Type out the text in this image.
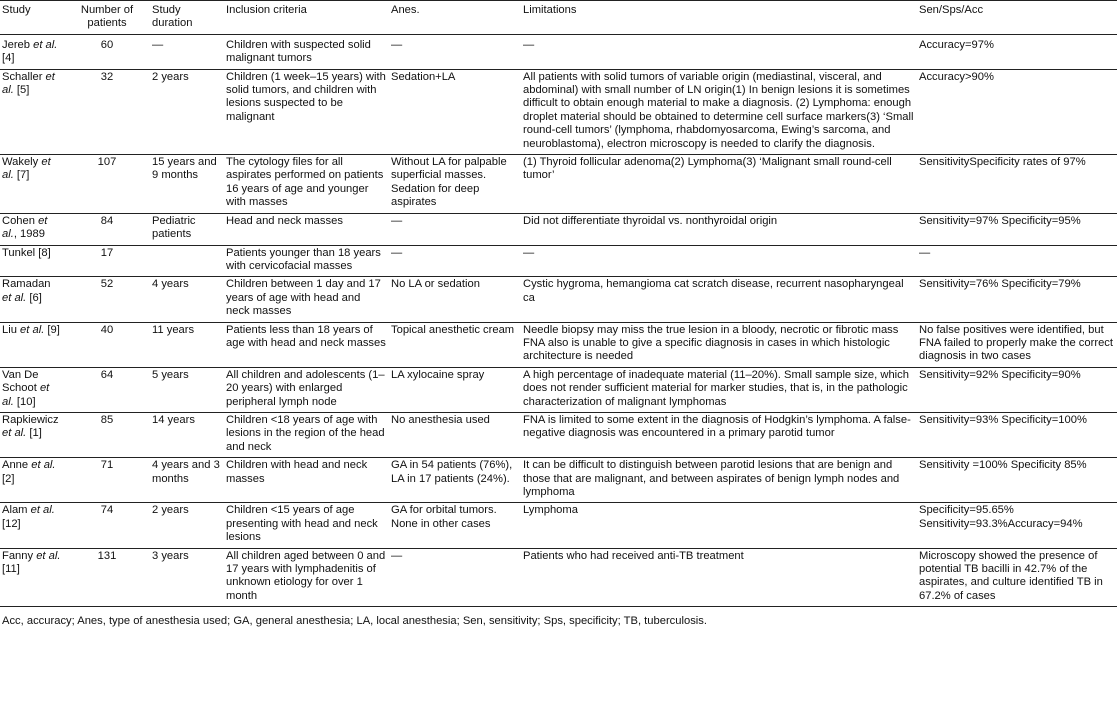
Study	Number of patients	Study duration	Inclusion criteria	Anes.	Limitations	Sen/Sps/Acc
Jereb et al. [4]	60	—	Children with suspected solid malignant tumors	—	—	Accuracy=97%
Schaller et al. [5]	32	2 years	Children (1 week–15 years) with solid tumors, and children with lesions suspected to be malignant	Sedation+LA	All patients with solid tumors of variable origin (mediastinal, visceral, and abdominal) with small number of LN origin(1) In benign lesions it is sometimes difficult to obtain enough material to make a diagnosis. (2) Lymphoma: enough droplet material should be obtained to determine cell surface markers(3) ‘Small round-cell tumors’ (lymphoma, rhabdomyosarcoma, Ewing’s sarcoma, and neuroblastoma), electron microscopy is needed to clarify the diagnosis.	Accuracy>90%
Wakely et al. [7]	107	15 years and 9 months	The cytology files for all aspirates performed on patients 16 years of age and younger with masses	Without LA for palpable superficial masses. Sedation for deep aspirates	(1) Thyroid follicular adenoma(2) Lymphoma(3) ‘Malignant small round-cell tumor’	SensitivitySpecificity rates of 97%
Cohen et al., 1989	84	Pediatric patients	Head and neck masses	—	Did not differentiate thyroidal vs. nonthyroidal origin	Sensitivity=97% Specificity=95%
Tunkel [8]	17		Patients younger than 18 years with cervicofacial masses	—	—	—
Ramadan et al. [6]	52	4 years	Children between 1 day and 17 years of age with head and neck masses	No LA or sedation	Cystic hygroma, hemangioma cat scratch disease, recurrent nasopharyngeal ca	Sensitivity=76% Specificity=79%
Liu et al. [9]	40	11 years	Patients less than 18 years of age with head and neck masses	Topical anesthetic cream	Needle biopsy may miss the true lesion in a bloody, necrotic or fibrotic mass FNA also is unable to give a specific diagnosis in cases in which histologic architecture is needed	No false positives were identified, but FNA failed to properly make the correct diagnosis in two cases
Van De Schoot et al. [10]	64	5 years	All children and adolescents (1–20 years) with enlarged peripheral lymph node	LA xylocaine spray	A high percentage of inadequate material (11–20%). Small sample size, which does not render sufficient material for marker studies, that is, in the pathologic characterization of malignant lymphomas	Sensitivity=92% Specificity=90%
Rapkiewicz et al. [1]	85	14 years	Children <18 years of age with lesions in the region of the head and neck	No anesthesia used	FNA is limited to some extent in the diagnosis of Hodgkin’s lymphoma. A false-negative diagnosis was encountered in a primary parotid tumor	Sensitivity=93% Specificity=100%
Anne et al. [2]	71	4 years and 3 months	Children with head and neck masses	GA in 54 patients (76%), LA in 17 patients (24%).	It can be difficult to distinguish between parotid lesions that are benign and those that are malignant, and between aspirates of benign lymph nodes and lymphoma	Sensitivity =100% Specificity 85%
Alam et al. [12]	74	2 years	Children <15 years of age presenting with head and neck lesions	GA for orbital tumors. None in other cases	Lymphoma	Specificity=95.65% Sensitivity=93.3%Accuracy=94%
Fanny et al. [11]	131	3 years	All children aged between 0 and 17 years with lymphadenitis of unknown etiology for over 1 month	—	Patients who had received anti-TB treatment	Microscopy showed the presence of potential TB bacilli in 42.7% of the aspirates, and culture identified TB in 67.2% of cases
Acc, accuracy; Anes, type of anesthesia used; GA, general anesthesia; LA, local anesthesia; Sen, sensitivity; Sps, specificity; TB, tuberculosis.
